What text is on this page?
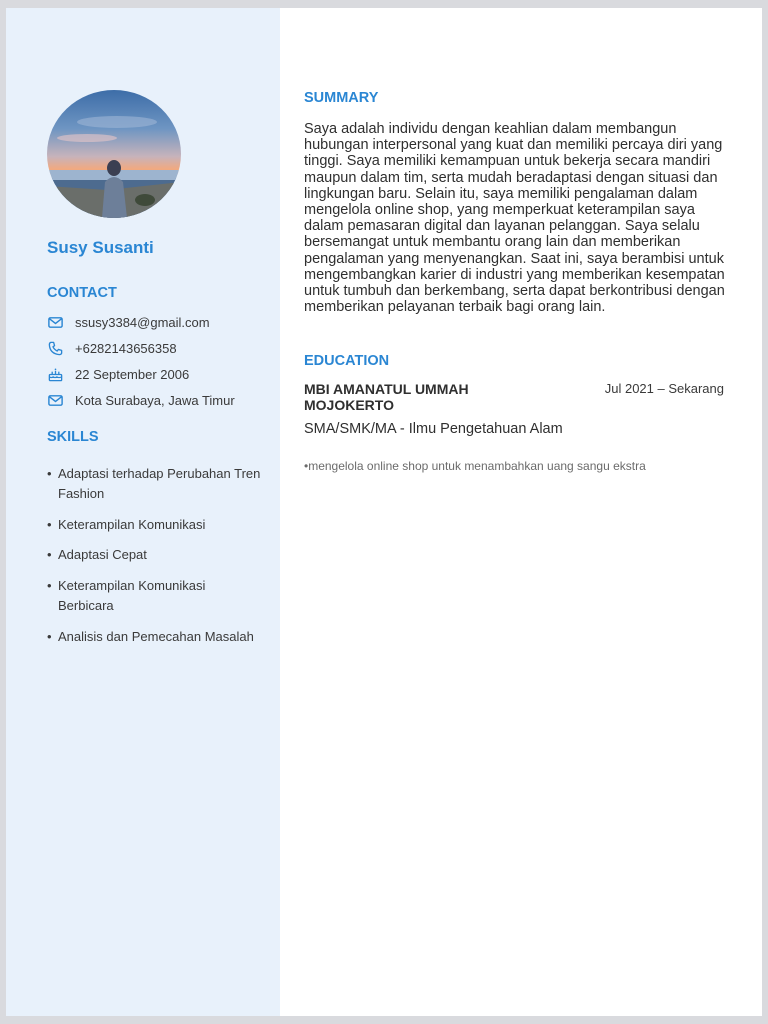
Susy Susanti
CONTACT
ssusy3384@gmail.com
+6282143656358
22 September 2006
Kota Surabaya, Jawa Timur
SKILLS
• Adaptasi terhadap Perubahan Tren Fashion
• Keterampilan Komunikasi
• Adaptasi Cepat
• Keterampilan Komunikasi Berbicara
• Analisis dan Pemecahan Masalah
SUMMARY

Saya adalah individu dengan keahlian dalam membangun hubungan interpersonal yang kuat dan memiliki percaya diri yang tinggi. Saya memiliki kemampuan untuk bekerja secara mandiri maupun dalam tim, serta mudah beradaptasi dengan situasi dan lingkungan baru. Selain itu, saya memiliki pengalaman dalam mengelola online shop, yang memperkuat keterampilan saya dalam pemasaran digital dan layanan pelanggan. Saya selalu bersemangat untuk membantu orang lain dan memberikan pengalaman yang menyenangkan. Saat ini, saya berambisi untuk mengembangkan karier di industri yang memberikan kesempatan untuk tumbuh dan berkembang, serta dapat berkontribusi dengan memberikan pelayanan terbaik bagi orang lain.

EDUCATION
MBI AMANATUL UMMAH MOJOKERTO
Jul 2021 – Sekarang
SMA/SMK/MA - Ilmu Pengetahuan Alam
•mengelola online shop untuk menambahkan uang sangu ekstra
